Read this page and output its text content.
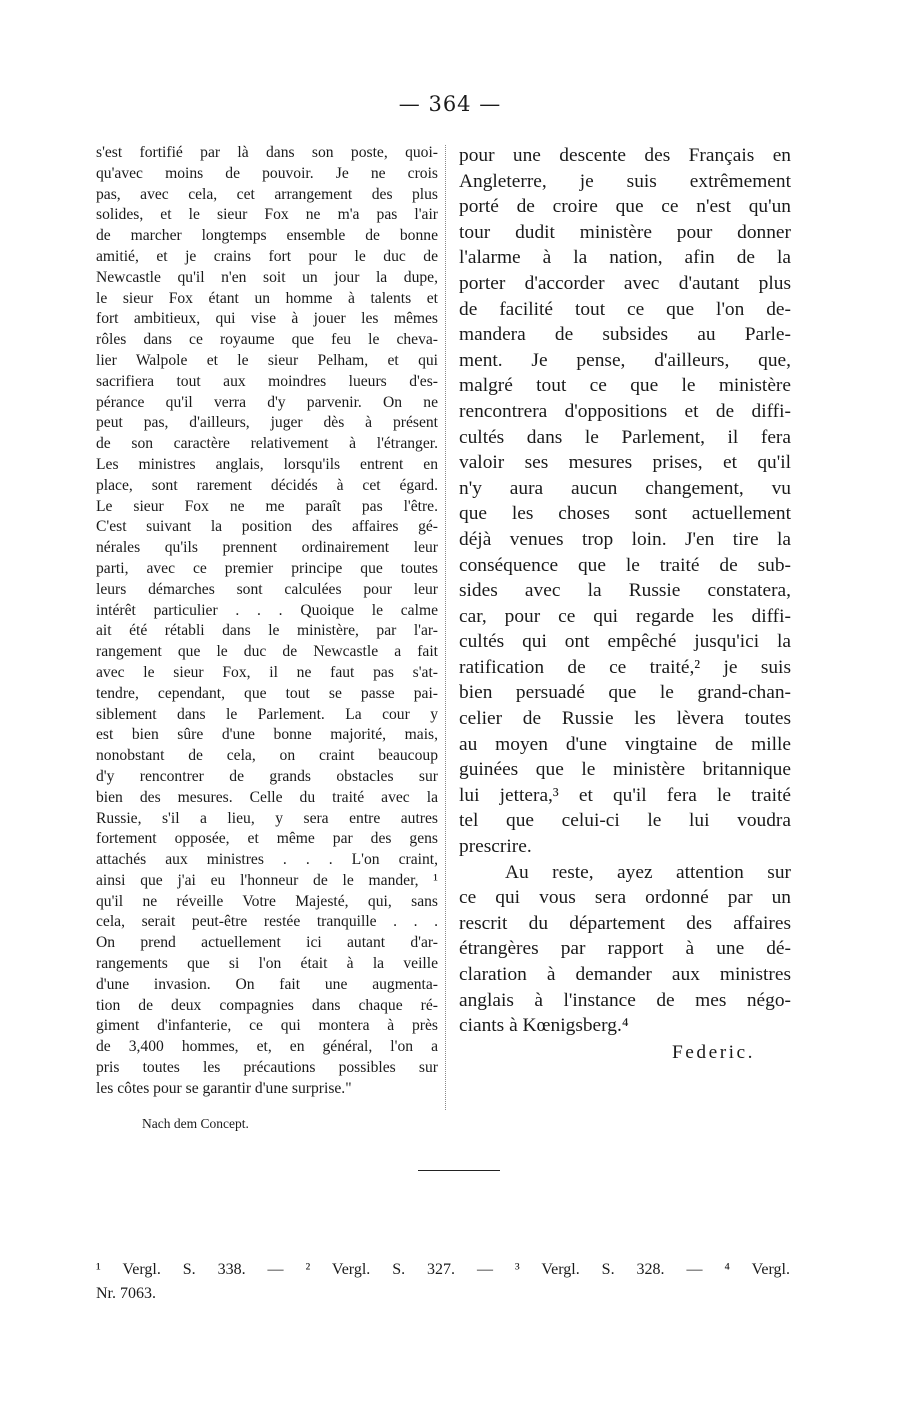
— 364 —
s'est fortifié par là dans son poste, quoi-
qu'avec moins de pouvoir. Je ne crois
pas, avec cela, cet arrangement des plus
solides, et le sieur Fox ne m'a pas l'air
de marcher longtemps ensemble de bonne
amitié, et je crains fort pour le duc de
Newcastle qu'il n'en soit un jour la dupe,
le sieur Fox étant un homme à talents et
fort ambitieux, qui vise à jouer les mêmes
rôles dans ce royaume que feu le cheva-
lier Walpole et le sieur Pelham, et qui
sacrifiera tout aux moindres lueurs d'es-
pérance qu'il verra d'y parvenir. On ne
peut pas, d'ailleurs, juger dès à présent
de son caractère relativement à l'étranger.
Les ministres anglais, lorsqu'ils entrent en
place, sont rarement décidés à cet égard.
Le sieur Fox ne me paraît pas l'être.
C'est suivant la position des affaires gé-
nérales qu'ils prennent ordinairement leur
parti, avec ce premier principe que toutes
leurs démarches sont calculées pour leur
intérêt particulier . . . Quoique le calme
ait été rétabli dans le ministère, par l'ar-
rangement que le duc de Newcastle a fait
avec le sieur Fox, il ne faut pas s'at-
tendre, cependant, que tout se passe pai-
siblement dans le Parlement. La cour y
est bien sûre d'une bonne majorité, mais,
nonobstant de cela, on craint beaucoup
d'y rencontrer de grands obstacles sur
bien des mesures. Celle du traité avec la
Russie, s'il a lieu, y sera entre autres
fortement opposée, et même par des gens
attachés aux ministres . . . L'on craint,
ainsi que j'ai eu l'honneur de le mander, ¹
qu'il ne réveille Votre Majesté, qui, sans
cela, serait peut-être restée tranquille . . .
On prend actuellement ici autant d'ar-
rangements que si l'on était à la veille
d'une invasion. On fait une augmenta-
tion de deux compagnies dans chaque ré-
giment d'infanterie, ce qui montera à près
de 3,400 hommes, et, en général, l'on a
pris toutes les précautions possibles sur
les côtes pour se garantir d'une surprise."
pour une descente des Français en
Angleterre, je suis extrêmement
porté de croire que ce n'est qu'un
tour dudit ministère pour donner
l'alarme à la nation, afin de la
porter d'accorder avec d'autant plus
de facilité tout ce que l'on de-
mandera de subsides au Parle-
ment. Je pense, d'ailleurs, que,
malgré tout ce que le ministère
rencontrera d'oppositions et de diffi-
cultés dans le Parlement, il fera
valoir ses mesures prises, et qu'il
n'y aura aucun changement, vu
que les choses sont actuellement
déjà venues trop loin. J'en tire la
conséquence que le traité de sub-
sides avec la Russie constatera,
car, pour ce qui regarde les diffi-
cultés qui ont empêché jusqu'ici la
ratification de ce traité,² je suis
bien persuadé que le grand-chan-
celier de Russie les lèvera toutes
au moyen d'une vingtaine de mille
guinées que le ministère britannique
lui jettera,³ et qu'il fera le traité
tel que celui-ci le lui voudra
prescrire.
Au reste, ayez attention sur
ce qui vous sera ordonné par un
rescrit du département des affaires
étrangères par rapport à une dé-
claration à demander aux ministres
anglais à l'instance de mes négo-
ciants à Kœnigsberg.⁴
Federic.
Nach dem Concept.
¹ Vergl. S. 338. — ² Vergl. S. 327. — ³ Vergl. S. 328. — ⁴ Vergl.
Nr. 7063.
